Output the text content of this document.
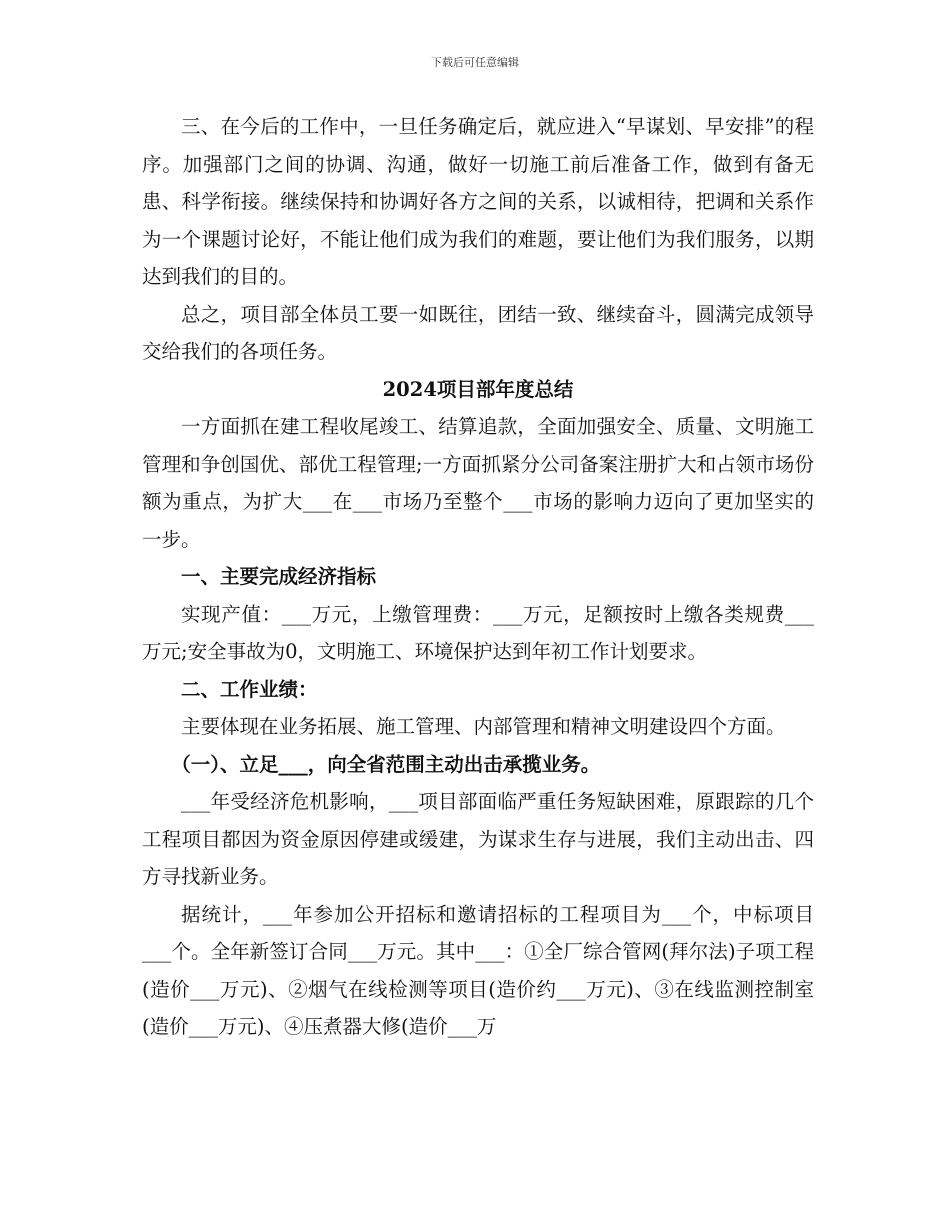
下载后可任意编辑

三、在今后的工作中，一旦任务确定后，就应进入“早谋划、早安排”的程序。加强部门之间的协调、沟通，做好一切施工前后准备工作，做到有备无患、科学衔接。继续保持和协调好各方之间的关系，以诚相待，把调和关系作为一个课题讨论好，不能让他们成为我们的难题，要让他们为我们服务，以期达到我们的目的。

总之，项目部全体员工要一如既往，团结一致、继续奋斗，圆满完成领导交给我们的各项任务。

2024项目部年度总结

一方面抓在建工程收尾竣工、结算追款，全面加强安全、质量、文明施工管理和争创国优、部优工程管理;一方面抓紧分公司备案注册扩大和占领市场份额为重点，为扩大___在___市场乃至整个___市场的影响力迈向了更加坚实的一步。

一、主要完成经济指标

实现产值：___万元，上缴管理费：___万元，足额按时上缴各类规费___万元;安全事故为0，文明施工、环境保护达到年初工作计划要求。

二、工作业绩：

主要体现在业务拓展、施工管理、内部管理和精神文明建设四个方面。

（一）、立足___，向全省范围主动出击承揽业务。

___年受经济危机影响，___项目部面临严重任务短缺困难，原跟踪的几个工程项目都因为资金原因停建或缓建，为谋求生存与进展，我们主动出击、四方寻找新业务。

据统计，___年参加公开招标和邀请招标的工程项目为___个，中标项目___个。全年新签订合同___万元。其中___：①全厂综合管网(拜尔法)子项工程(造价___万元)、②烟气在线检测等项目(造价约___万元)、③在线监测控制室(造价___万元)、④压煮器大修(造价___万
